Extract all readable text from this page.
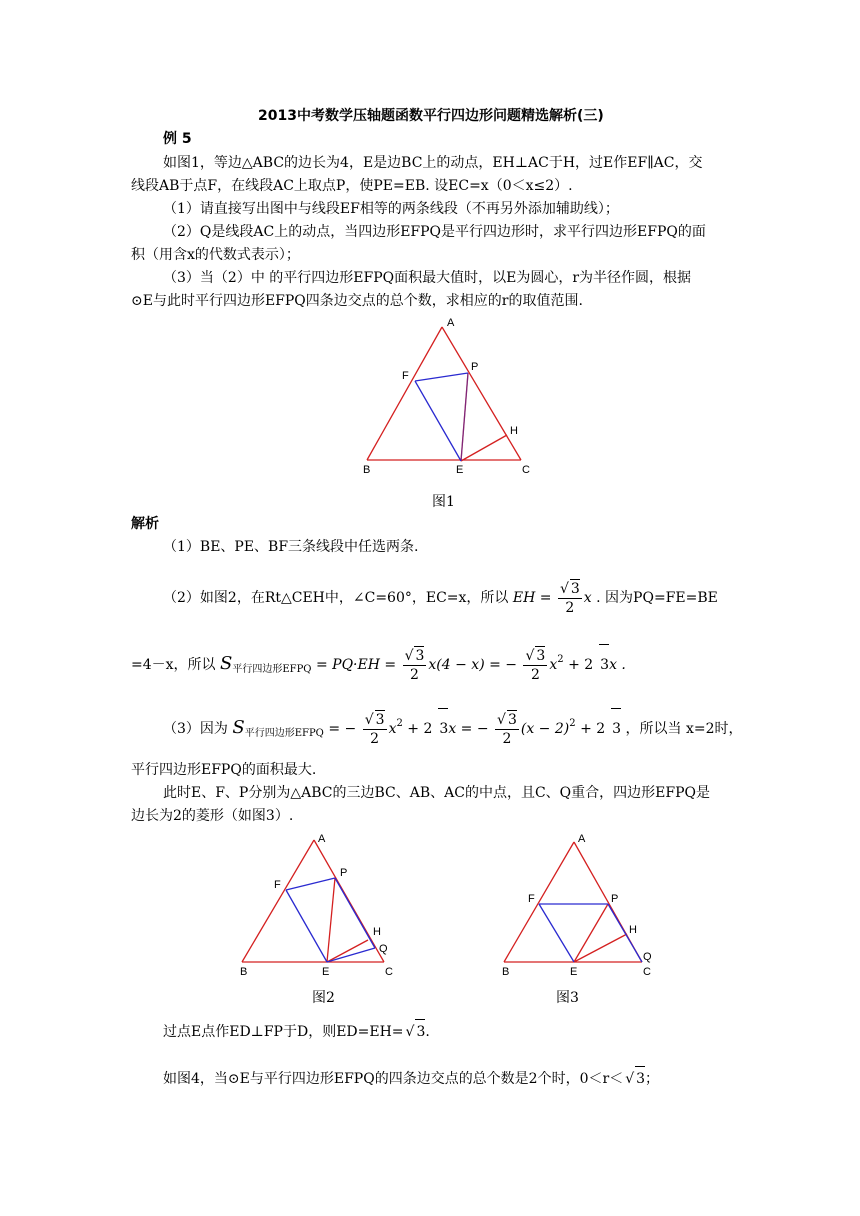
2013中考数学压轴题函数平行四边形问题精选解析(三)
例 5
如图1，等边△ABC的边长为4，E是边BC上的动点，EH⊥AC于H，过E作EF∥AC，交
线段AB于点F，在线段AC上取点P，使PE=EB. 设EC=x（0＜x≤2）.
（1）请直接写出图中与线段EF相等的两条线段（不再另外添加辅助线）；
（2）Q是线段AC上的动点，当四边形EFPQ是平行四边形时，求平行四边形EFPQ的面
积（用含x的代数式表示）；
（3）当（2）中 的平行四边形EFPQ面积最大值时，以E为圆心，r为半径作圆，根据
⊙E与此时平行四边形EFPQ四条边交点的总个数，求相应的r的取值范围.
A
F
P
H
B	E	C
图1
解析
（1）BE、PE、BF三条线段中任选两条.
（2）如图2，在Rt△CEH中，∠C=60°，EC=x，所以 EH = $\frac{√ 3}{2}$ x . 因为PQ=FE=BE
=4－x，所以 $S_{平行四边形EFPQ} = PQ\cdot EH = \frac{√ 3}{2} x(4 - x)$ = − $\frac{√ 3}{2} x^2 + 2$ 3x .
（3）因为 $S_{平行四边形EFPQ}$ = − $\frac{√ 3}{2} x^2 + 2$ 3x = − $\frac{√ 3}{2} (x - 2)^2 + 2$ 3 ，所以当 x=2时，
平行四边形EFPQ的面积最大.
此时E、F、P分别为△ABC的三边BC、AB、AC的中点，且C、Q重合，四边形EFPQ是
边长为2的菱形（如图3）.
A
F
P
H
Q
B	E	C
图2
A
F	P
H
Q
B	E	C
图3
过点E点作ED⊥FP于D，则ED=EH= √ 3.
如图4，当⊙E与平行四边形EFPQ的四条边交点的总个数是2个时，0＜r＜ √ 3；
